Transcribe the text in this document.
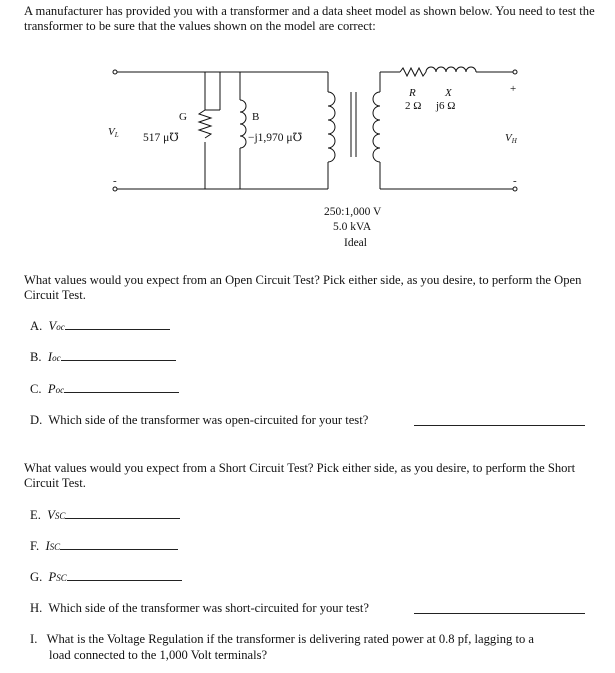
A manufacturer has provided you with a transformer and a data sheet model as shown below. You need to test the transformer to be sure that the values shown on the model are correct:

G
517 μ℧
B
−j1,970 μ℧
VL
-
R
2 Ω
X
j6 Ω
+
VH
-
250:1,000 V
5.0 kVA
Ideal

What values would you expect from an Open Circuit Test? Pick either side, as you desire, to perform the Open Circuit Test.

A. Voc
B. Ioc
C. Poc
D. Which side of the transformer was open-circuited for your test?

What values would you expect from a Short Circuit Test? Pick either side, as you desire, to perform the Short Circuit Test.

E. VSC
F. ISC
G. PSC
H. Which side of the transformer was short-circuited for your test?
I. What is the Voltage Regulation if the transformer is delivering rated power at 0.8 pf, lagging to a
load connected to the 1,000 Volt terminals?
